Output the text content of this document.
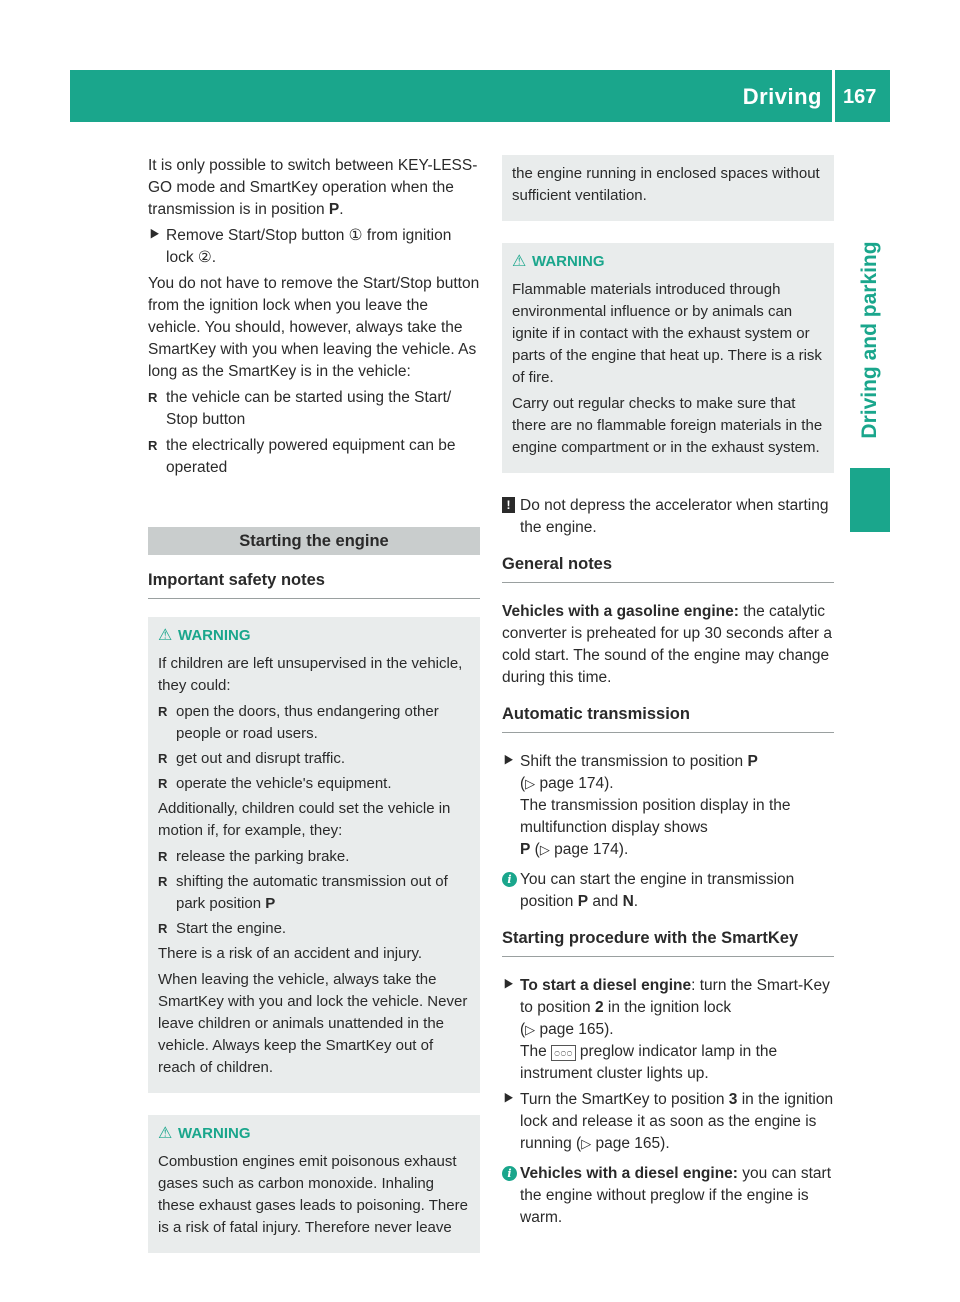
Driving 167
Driving and parking

It is only possible to switch between KEY-LESS-GO mode and SmartKey operation when the transmission is in position P.

⯈ Remove Start/Stop button ① from ignition lock ②.

You do not have to remove the Start/Stop button from the ignition lock when you leave the vehicle. You should, however, always take the SmartKey with you when leaving the vehicle. As long as the SmartKey is in the vehicle:

R the vehicle can be started using the Start/ Stop button
R the electrically powered equipment can be operated
Starting the engine
Important safety notes
⚠ WARNING

If children are left unsupervised in the vehicle, they could:

R open the doors, thus endangering other people or road users.
R get out and disrupt traffic.
R operate the vehicle's equipment.

Additionally, children could set the vehicle in motion if, for example, they:

R release the parking brake.
R shifting the automatic transmission out of park position P
R Start the engine.

There is a risk of an accident and injury.

When leaving the vehicle, always take the SmartKey with you and lock the vehicle. Never leave children or animals unattended in the vehicle. Always keep the SmartKey out of reach of children.

⚠ WARNING

Combustion engines emit poisonous exhaust gases such as carbon monoxide. Inhaling these exhaust gases leads to poisoning. There is a risk of fatal injury. Therefore never leave

the engine running in enclosed spaces without sufficient ventilation.

⚠ WARNING

Flammable materials introduced through environmental influence or by animals can ignite if in contact with the exhaust system or parts of the engine that heat up. There is a risk of fire.

Carry out regular checks to make sure that there are no flammable foreign materials in the engine compartment or in the exhaust system.

! Do not depress the accelerator when starting the engine.
General notes

Vehicles with a gasoline engine: the catalytic converter is preheated for up 30 seconds after a cold start. The sound of the engine may change during this time.

Automatic transmission
⯈ Shift the transmission to position P
(▷ page 174).
The transmission position display in the multifunction display shows
P (▷ page 174).
i You can start the engine in transmission position P and N.
Starting procedure with the SmartKey
⯈ To start a diesel engine: turn the Smart-Key to position 2 in the ignition lock
(▷ page 165).
The ೦೦೦ preglow indicator lamp in the instrument cluster lights up.
⯈ Turn the SmartKey to position 3 in the ignition lock and release it as soon as the engine is running (▷ page 165).
i Vehicles with a diesel engine: you can start the engine without preglow if the engine is warm.
